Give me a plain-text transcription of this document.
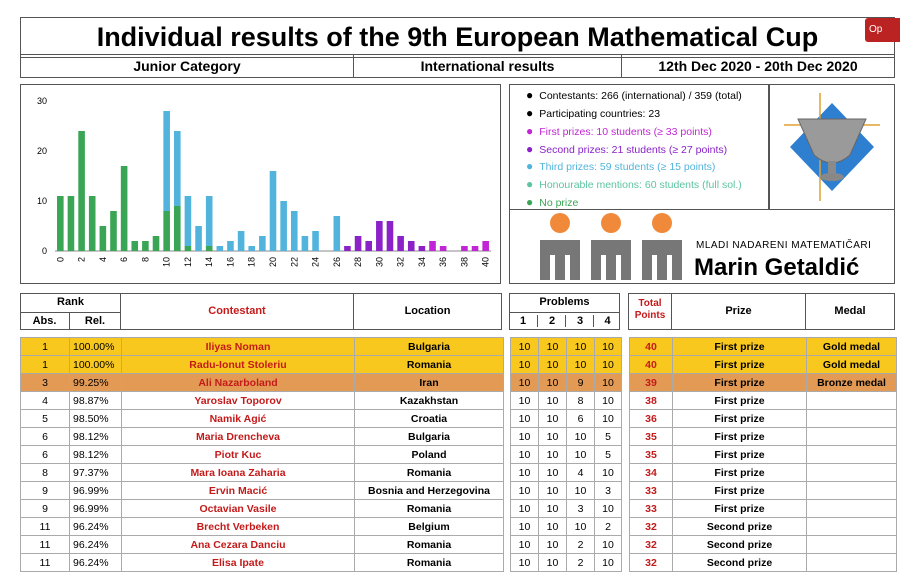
Individual results of the 9th European Mathematical Cup	Op
Junior Category	International results	12th Dec 2020 - 20th Dec 2020
0
10
20
30
0 2 4 6 8 10 12 14 16 18 20 22 24 26 28 30 32 34 36 38 40
● Contestants: 266 (international) / 359 (total)
● Participating countries: 23
● First prizes: 10 students (≥ 33 points)
● Second prizes: 21 students (≥ 27 points)
● Third prizes: 59 students (≥ 15 points)
● Honourable mentions: 60 students (full sol.)
● No prize
MLADI NADARENI MATEMATIČARI
Marin Getaldić
Rank
Abs.	Rel.
Contestant	Location
Problems
1	2	3	4
Total Points	Prize	Medal
1	100.00%	Iliyas Noman	Bulgaria		10	10	10	10		40	First prize	Gold medal
1	100.00%	Radu-Ionut Stoleriu	Romania		10	10	10	10		40	First prize	Gold medal
3	99.25%	Ali Nazarboland	Iran		10	10	9	10		39	First prize	Bronze medal
4	98.87%	Yaroslav Toporov	Kazakhstan		10	10	8	10		38	First prize	
5	98.50%	Namik Agić	Croatia		10	10	6	10		36	First prize	
6	98.12%	Maria Drencheva	Bulgaria		10	10	10	5		35	First prize	
6	98.12%	Piotr Kuc	Poland		10	10	10	5		35	First prize	
8	97.37%	Mara Ioana Zaharia	Romania		10	10	4	10		34	First prize	
9	96.99%	Ervin Macić	Bosnia and Herzegovina		10	10	10	3		33	First prize	
9	96.99%	Octavian Vasile	Romania		10	10	3	10		33	First prize	
11	96.24%	Brecht Verbeken	Belgium		10	10	10	2		32	Second prize	
11	96.24%	Ana Cezara Danciu	Romania		10	10	2	10		32	Second prize	
11	96.24%	Elisa Ipate	Romania		10	10	2	10		32	Second prize	
